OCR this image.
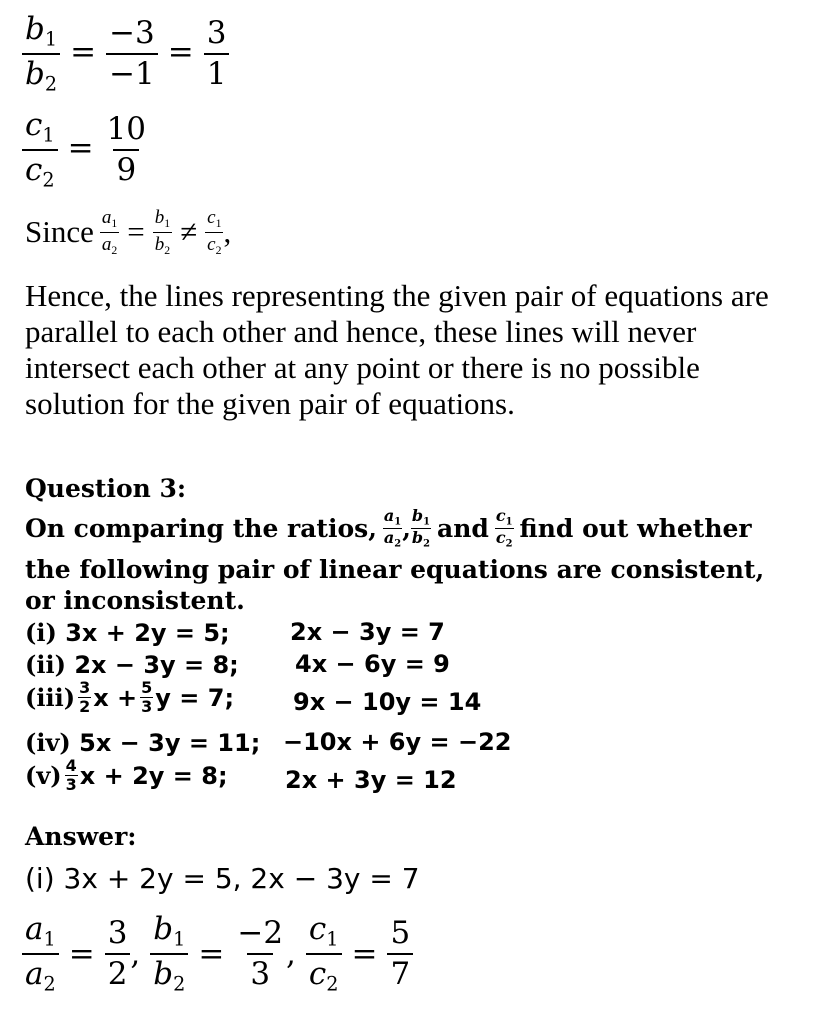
$\frac{b_1}{b_2} = \frac{-3}{-1} = \frac{3}{1}$
$\frac{c_1}{c_2} = \frac{10}{9}$
Since $\frac{a_1}{a_2} = \frac{b_1}{b_2} \ne \frac{c_1}{c_2}$ ,
Hence, the lines representing the given pair of equations are parallel to each other and hence, these lines will never intersect each other at any point or there is no possible solution for the given pair of equations.
Question 3:
On comparing the ratios, $\frac{a_1}{a_2}$ , $\frac{b_1}{b_2}$ and $\frac{c_1}{c_2}$ find out whether
the following pair of linear equations are consistent, or inconsistent.
(i) 3x + 2y = 5;	2x − 3y = 7
(ii) 2x − 3y = 8; 4x − 6y = 9
$(iii) \frac{3}{2}$ $x + \frac{5}{3}$ y = 7; 9x − 10y = 14
(iv) 5x − 3y = 11; −10x + 6y = −22
$(v) \frac{4}{3}$ x + 2y = 8; 2x + 3y = 12
Answer:
(i) 3x + 2y = 5, 2x − 3y = 7
$\frac{a_1}{a_2} = \frac{3}{2}$ , $\frac{b_1}{b_2} = \frac{-2}{3}$ , $\frac{c_1}{c_2} = \frac{5}{7}$
